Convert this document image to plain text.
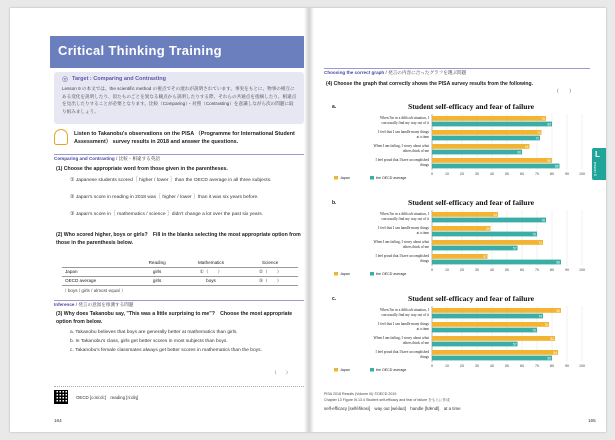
Critical Thinking Training
◎ Target : Comparing and Contrasting
Lesson 9 の本文では、the scientific method の視点でその流れが説明されています。事実をもとに、物事の相互にある変化を説明したり、似たものごとを異なる観点から説明したりする際、それらの共通点を指摘したり、相違点を見出したりすることが必要となります。比較（Comparing）・対照（Contrasting）を意識しながら次の問題に取り組みましょう。
Listen to Takanobu's observations on the PISA （Programme for International Student Assessment） survey results in 2018 and answer the questions.
Comparing and Contrasting / 比較・相違する英語
(1) Choose the appropriate word from those given in the parentheses.
① Japanese students scored［ higher / lower ］than the OECD average in all three subjects.
② Japan's score in reading in 2018 was［ higher / lower ］than it was six years before.
③ Japan's score in［ mathematics / science ］didn't change a lot over the past six years.
(2) Who scored higher, boys or girls?　Fill in the blanks selecting the most appropriate option from those in the parenthesis below.
	Reading	Mathematics	Science
Japan	girls	①（　　）	②（　　）
OECD average	girls	boys	③（　　）
（ boys / girls / almost equal ）
Inference / 発言の意図を推測する問題
(3) Why does Takanobu say, "This was a little surprising to me"?　Choose the most appropriate option from below.
a. Takanobu believes that boys are generally better at mathematics than girls.
b. In Takanobu's class, girls get better scores in most subjects than boys.
c. Takanobu's female classmates always get better scores in mathematics than the boys.
（　　）
OECD [o:isi:di:]　reading [ri:diŋ]
164
Choosing the correct graph / 発言の内容に合ったグラフを選ぶ問題
(4) Choose the graph that correctly shows the PISA survey results from the following.
（　　）
a.	Student self-efficacy and fear of failure
0	10	20	30	40	50	60	70	80	90	100
When I'm in a difficult situation, I
can usually find my way out of it
76
80
I feel that I can handle many things
at a time
73
72
When I am failing, I worry about what
others think of me
65
60
I feel proud that I have accomplished
things
80
85
Japan	the OECD average
b.	Student self-efficacy and fear of failure
0	10	20	30	40	50	60	70	80	90	100
When I'm in a difficult situation, I
can usually find my way out of it
44
76
I feel that I can handle many things
at a time
39
70
When I am failing, I worry about what
others think of me
74
57
I feel proud that I have accomplished
things
37
86
Japan	the OECD average
c.	Student self-efficacy and fear of failure
0	10	20	30	40	50	60	70	80	90	100
When I'm in a difficult situation, I
can usually find my way out of it
86
74
I feel that I can handle many things
at a time
78
70
When I am failing, I worry about what
others think of me
82
57
I feel proud that I have accomplished
things
84
80
Japan	the OECD average
L
esson 9
PISA 2018 Results (Volume III) ©OECD 2019
Chapter 13 Figure III.13.4 Student self-efficacy and fear of failure をもとに作成
self-efficacy [selféfikəsi]　way out [wéiàut]　handle [hǽndl]　at a time
165
